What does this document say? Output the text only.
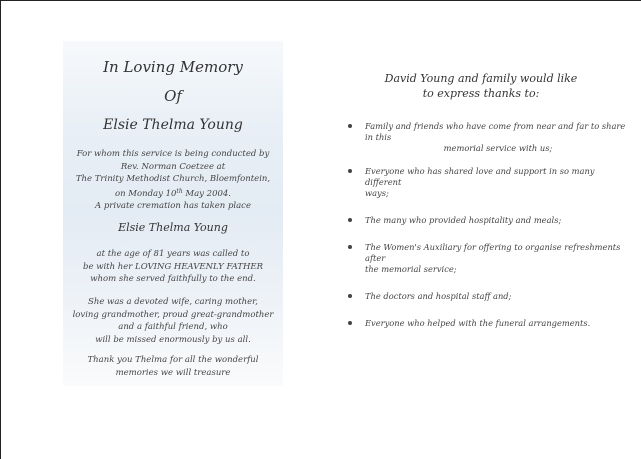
In Loving Memory
Of
Elsie Thelma Young
For whom this service is being conducted by
Rev. Norman Coetzee at
The Trinity Methodist Church, Bloemfontein,
on Monday 10th May 2004.
A private cremation has taken place
Elsie Thelma Young
at the age of 81 years was called to
be with her LOVING HEAVENLY FATHER
whom she served faithfully to the end.
She was a devoted wife, caring mother,
loving grandmother, proud great-grandmother
and a faithful friend, who
will be missed enormously by us all.
Thank you Thelma for all the wonderful
memories we will treasure
David Young and family would like
to express thanks to:
Family and friends who have come from near and far to share in this
memorial service with us;
Everyone who has shared love and support in so many different
ways;
The many who provided hospitality and meals;
The Women's Auxiliary for offering to organise refreshments after
the memorial service;
The doctors and hospital staff and;
Everyone who helped with the funeral arrangements.
